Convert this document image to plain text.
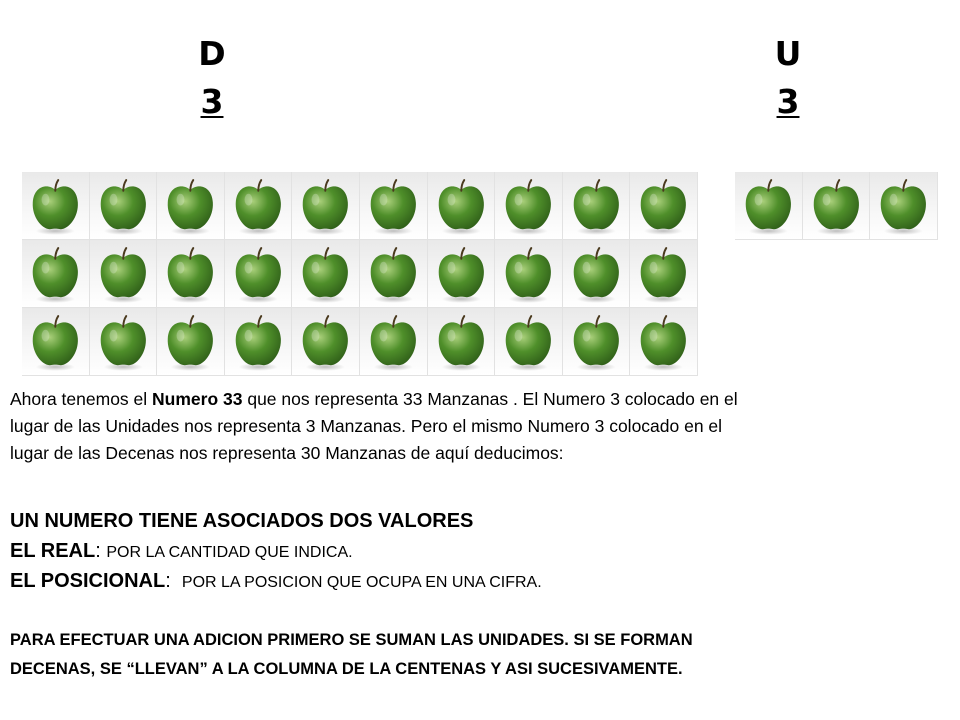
D
3
U
3
Ahora tenemos el Numero 33 que nos representa 33 Manzanas . El Numero 3 colocado en el
lugar de las Unidades nos representa 3 Manzanas. Pero el mismo Numero 3 colocado en el
lugar de las Decenas nos representa 30 Manzanas de aquí deducimos:
UN NUMERO TIENE ASOCIADOS DOS VALORES
EL REAL: POR LA CANTIDAD QUE INDICA.
EL POSICIONAL:  POR LA POSICION QUE OCUPA EN UNA CIFRA.
PARA EFECTUAR UNA ADICION PRIMERO SE SUMAN LAS UNIDADES. SI SE FORMAN
DECENAS, SE “LLEVAN” A LA COLUMNA DE LA CENTENAS Y ASI SUCESIVAMENTE.
